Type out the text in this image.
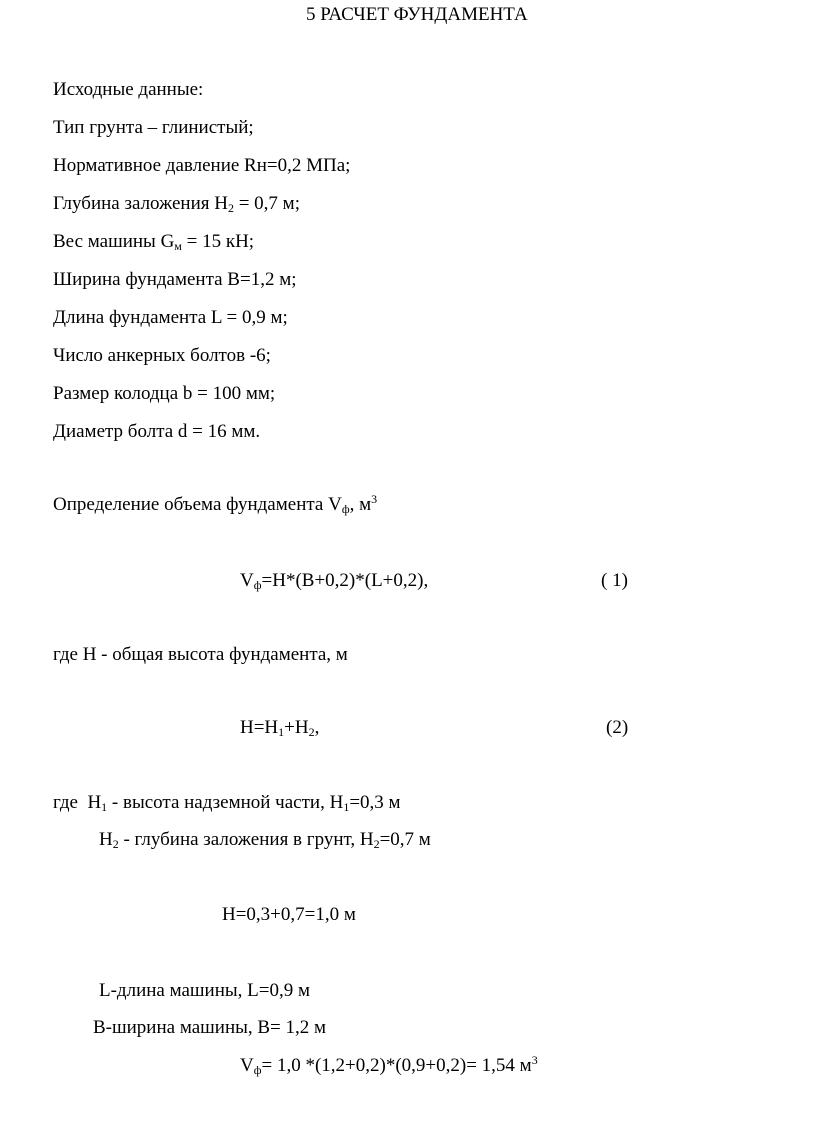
5 РАСЧЕТ ФУНДАМЕНТА
Исходные данные:
Тип грунта – глинистый;
Нормативное давление Rн=0,2 МПа;
Глубина заложения $H_2 = 0,7$ м;
Вес машины $G_м = 15$ кН;
Ширина фундамента B=1,2 м;
Длина фундамента L = 0,9 м;
Число анкерных болтов -6;
Размер колодца b = 100 мм;
Диаметр болта d = 16 мм.
Определение объема фундамента $V_ф$, $м^3$
$V_ф=H*(B+0,2)*(L+0,2)$,	( 1)
где H - общая высота фундамента, м
$H=H_1+H_2$,	(2)
где  $H_1$ - высота надземной части, $H_1=0,3$ м
$H_2$ - глубина заложения в грунт, $H_2=0,7$ м
H=0,3+0,7=1,0 м
L-длина машины, L=0,9 м
B-ширина машины, B= 1,2 м
$V_ф= 1,0$ *(1,2+0,2)*(0,9+0,2)= 1,54 $м^3$
